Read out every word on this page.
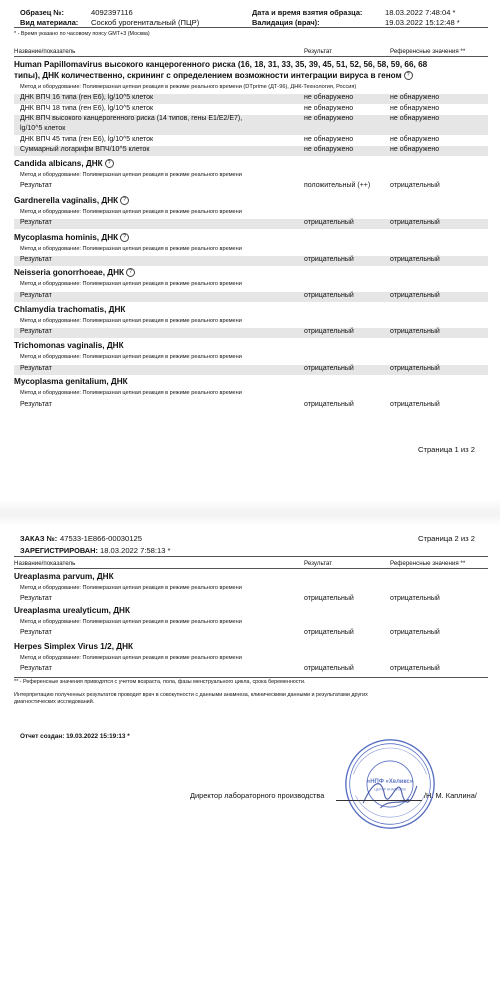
Образец №:	4092397116	Дата и время взятия образца:	18.03.2022 7:48:04 *
Вид материала: Соскоб урогенитальный (ПЦР)	Валидация (врач):	19.03.2022 15:12:48 *
* - Время указано по часовому поясу GMT+3 (Москва)
Название/показатель	Результат	Референсные значения **
Human Papillomavirus высокого канцерогенного риска (16, 18, 31, 33, 35, 39, 45, 51, 52, 56, 58, 59, 66, 68
типы), ДНК количественно, скрининг с определением возможности интеграции вируса в геном ?
Метод и оборудование: Полимеразная цепная реакция в режиме реального времени (DTprime (ДТ-96), ДНК-Технология, Россия)
ДНК ВПЧ 16 типа (ген E6), lg/10^5 клеток	не обнаружено	не обнаружено
ДНК ВПЧ 18 типа (ген E6), lg/10^5 клеток	не обнаружено	не обнаружено
ДНК ВПЧ высокого канцерогенного риска (14 типов, гены E1/E2/E7),
lg/10^5 клеток
не обнаружено	не обнаружено
ДНК ВПЧ 45 типа (ген E6), lg/10^5 клеток	не обнаружено	не обнаружено
Суммарный логарифм ВПЧ/10^5 клеток	не обнаружено	не обнаружено
Candida albicans, ДНК ?
Метод и оборудование: Полимеразная цепная реакция в режиме реального времени
Результат	положительный (++)	отрицательный
Gardnerella vaginalis, ДНК ?
Метод и оборудование: Полимеразная цепная реакция в режиме реального времени
Результат	отрицательный	отрицательный
Mycoplasma hominis, ДНК ?
Метод и оборудование: Полимеразная цепная реакция в режиме реального времени
Результат	отрицательный	отрицательный
Neisseria gonorrhoeae, ДНК ?
Метод и оборудование: Полимеразная цепная реакция в режиме реального времени
Результат	отрицательный	отрицательный
Chlamydia trachomatis, ДНК
Метод и оборудование: Полимеразная цепная реакция в режиме реального времени
Результат	отрицательный	отрицательный
Trichomonas vaginalis, ДНК
Метод и оборудование: Полимеразная цепная реакция в режиме реального времени
Результат	отрицательный	отрицательный
Mycoplasma genitalium, ДНК
Метод и оборудование: Полимеразная цепная реакция в режиме реального времени
Результат	отрицательный	отрицательный
Страница 1 из 2
ЗАКАЗ №: 47533-1E866-00030125	Страница 2 из 2
ЗАРЕГИСТРИРОВАН: 18.03.2022 7:58:13 *
Название/показатель	Результат	Референсные значения **
Ureaplasma parvum, ДНК
Метод и оборудование: Полимеразная цепная реакция в режиме реального времени
Результат	отрицательный	отрицательный
Ureaplasma urealyticum, ДНК
Метод и оборудование: Полимеразная цепная реакция в режиме реального времени
Результат	отрицательный	отрицательный
Herpes Simplex Virus 1/2, ДНК
Метод и оборудование: Полимеразная цепная реакция в режиме реального времени
Результат	отрицательный	отрицательный
** - Референсные значения приводятся с учетом возраста, пола, фазы менструального цикла, срока беременности.
Интерпретацию полученных результатов проводит врач в совокупности с данными анамнеза, клиническими данными и результатами других
диагностических исследований.
Отчет создан: 19.03.2022 15:19:13 *
«НПФ «Хеликс»
ЦЕНТР АНАЛИЗОВ
Директор лабораторного производства	/Н. М. Каплина/
